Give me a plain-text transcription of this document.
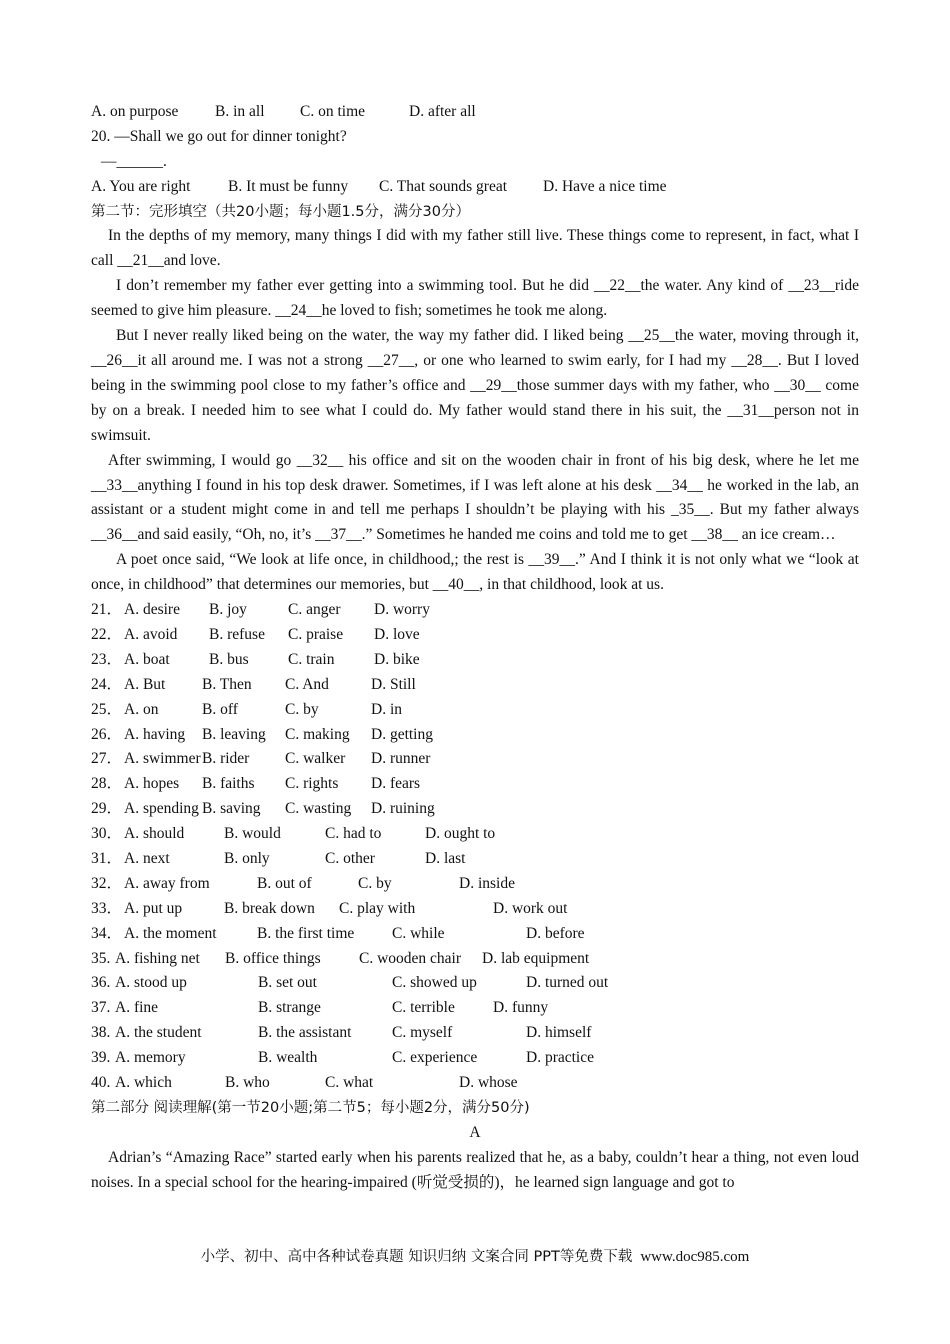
A. on purpose B. in all C. on time	D. after all
20. —Shall we go out for dinner tonight?
—______.
A. You are right B. It must be funny C. That sounds great D. Have a nice time
第二节：完形填空（共20小题；每小题1.5分，满分30分）

In the depths of my memory, many things I did with my father still live. These things come to represent, in fact, what I call __21__and love.

I don’t remember my father ever getting into a swimming tool. But he did __22__the water. Any kind of __23__ride seemed to give him pleasure. __24__he loved to fish; sometimes he took me along.

But I never really liked being on the water, the way my father did. I liked being __25__the water, moving through it, __26__it all around me. I was not a strong __27__, or one who learned to swim early, for I had my __28__. But I loved being in the swimming pool close to my father’s office and __29__those summer days with my father, who __30__ come by on a break. I needed him to see what I could do. My father would stand there in his suit, the __31__person not in swimsuit.

After swimming, I would go __32__ his office and sit on the wooden chair in front of his big desk, where he let me __33__anything I found in his top desk drawer. Sometimes, if I was left alone at his desk __34__ he worked in the lab, an assistant or a student might come in and tell me perhaps I shouldn’t be playing with his _35__. But my father always __36__and said easily, “Oh, no, it’s __37__.” Sometimes he handed me coins and told me to get __38__ an ice cream…

A poet once said, “We look at life once, in childhood,; the rest is __39__.” And I think it is not only what we “look at once, in childhood” that determines our memories, but __40__, in that childhood, look at us.

21． A. desire B. joy	C. anger D. worry
22． A. avoid B. refuse C. praise D. love
23． A. boat	B. bus	C. train	D. bike
24． A. But B. Then C. And	D. Still
25． A. on	B. off	C. by	D. in
26． A. having B. leaving C. making D. getting
27． A. swimmer B. rider C. walker D. runner
28． A. hopes B. faiths C. rights D. fears
29． A. spending B. saving C. wasting D. ruining
30． A. should	B. would	C. had to	D. ought to
31． A. next	B. only	C. other	D. last
32． A. away from	B. out of	C. by	D. inside
33． A. put up	B. break down C. play with	D. work out
34． A. the moment	B. the first time C. while	D. before
35. A. fishing net B. office things C. wooden chair D. lab equipment
36. A. stood up	B. set out	C. showed up	D. turned out
37. A. fine	B. strange	C. terrible D. funny
38. A. the student	B. the assistant	C. myself	D. himself
39. A. memory	B. wealth	C. experience	D. practice
40. A. which	B. who	C. what	D. whose
第二部分 阅读理解(第一节20小题;第二节5；每小题2分，满分50分)
A

Adrian’s “Amazing Race” started early when his parents realized that he, as a baby, couldn’t hear a thing, not even loud noises. In a special school for the hearing-impaired (听觉受损的)，he learned sign language and got to

小学、初中、高中各种试卷真题 知识归纳 文案合同 PPT等免费下载 www.doc985.com
